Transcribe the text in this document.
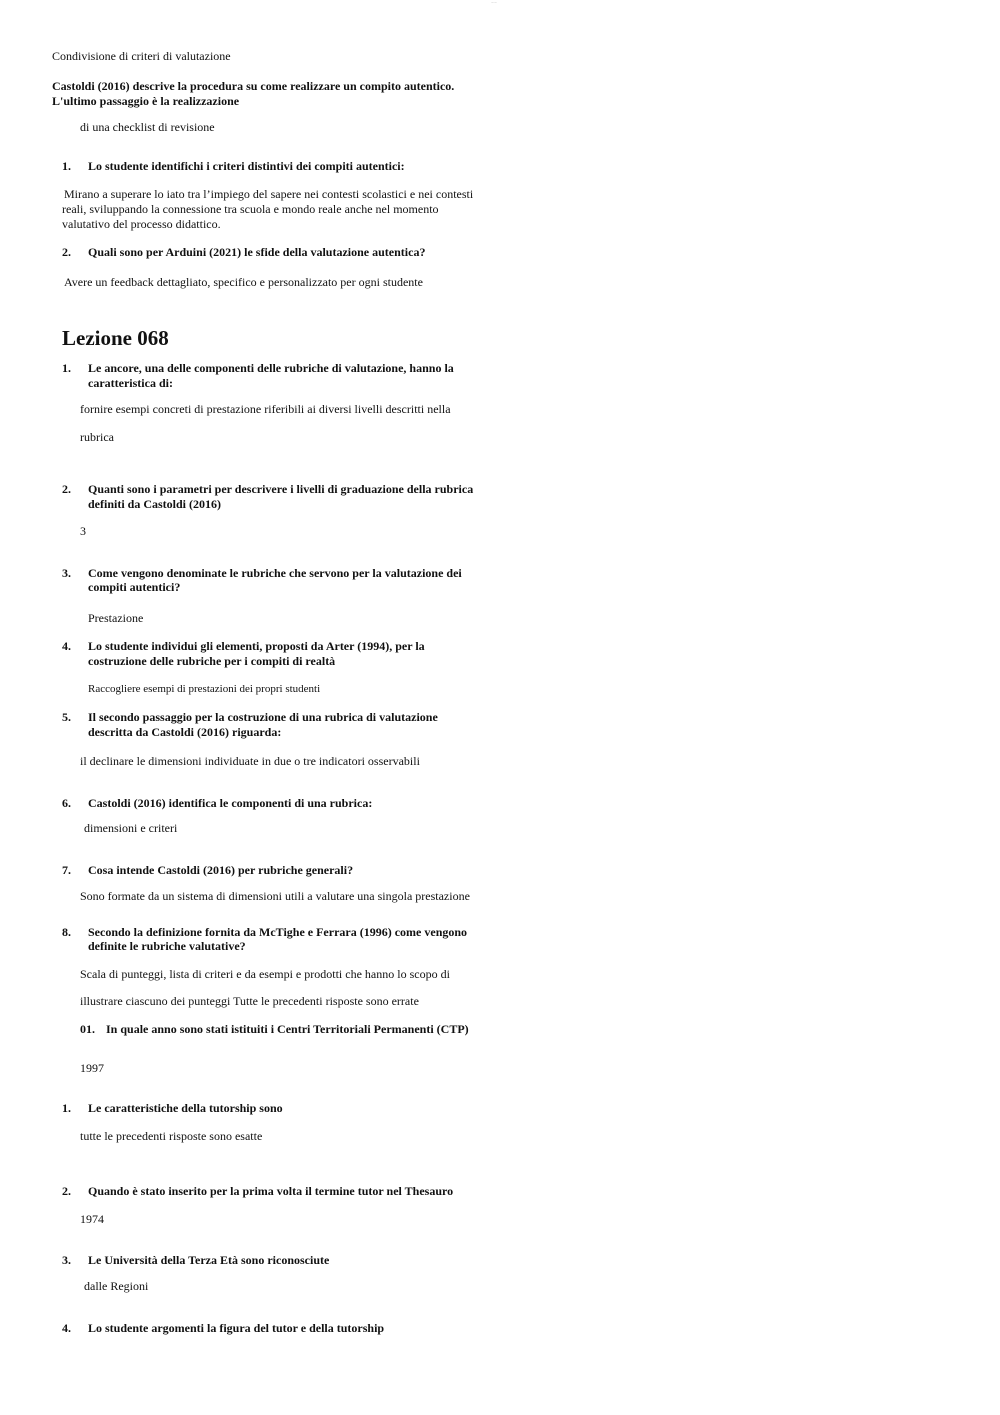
........
Condivisione di criteri di valutazione
Castoldi (2016) descrive la procedura su come realizzare un compito autentico.
L'ultimo passaggio è la realizzazione
di una checklist di revisione
1. Lo studente identifichi i criteri distintivi dei compiti autentici:
Mirano a superare lo iato tra l’impiego del sapere nei contesti scolastici e nei contesti
reali, sviluppando la connessione tra scuola e mondo reale anche nel momento
valutativo del processo didattico.
2. Quali sono per Arduini (2021) le sfide della valutazione autentica?
Avere un feedback dettagliato, specifico e personalizzato per ogni studente
Lezione 068
1. Le ancore, una delle componenti delle rubriche di valutazione, hanno la
caratteristica di:
fornire esempi concreti di prestazione riferibili ai diversi livelli descritti nella
rubrica
2. Quanti sono i parametri per descrivere i livelli di graduazione della rubrica
definiti da Castoldi (2016)
3
3. Come vengono denominate le rubriche che servono per la valutazione dei
compiti autentici?
Prestazione
4. Lo studente individui gli elementi, proposti da Arter (1994), per la
costruzione delle rubriche per i compiti di realtà
Raccogliere esempi di prestazioni dei propri studenti
5. Il secondo passaggio per la costruzione di una rubrica di valutazione
descritta da Castoldi (2016) riguarda:
il declinare le dimensioni individuate in due o tre indicatori osservabili
6. Castoldi (2016) identifica le componenti di una rubrica:
dimensioni e criteri
7. Cosa intende Castoldi (2016) per rubriche generali?
Sono formate da un sistema di dimensioni utili a valutare una singola prestazione
8. Secondo la definizione fornita da McTighe e Ferrara (1996) come vengono
definite le rubriche valutative?
Scala di punteggi, lista di criteri e da esempi e prodotti che hanno lo scopo di
illustrare ciascuno dei punteggi Tutte le precedenti risposte sono errate
01. In quale anno sono stati istituiti i Centri Territoriali Permanenti (CTP)
1997
1. Le caratteristiche della tutorship sono
tutte le precedenti risposte sono esatte
2. Quando è stato inserito per la prima volta il termine tutor nel Thesauro
1974
3. Le Università della Terza Età sono riconosciute
dalle Regioni
4. Lo studente argomenti la figura del tutor e della tutorship
